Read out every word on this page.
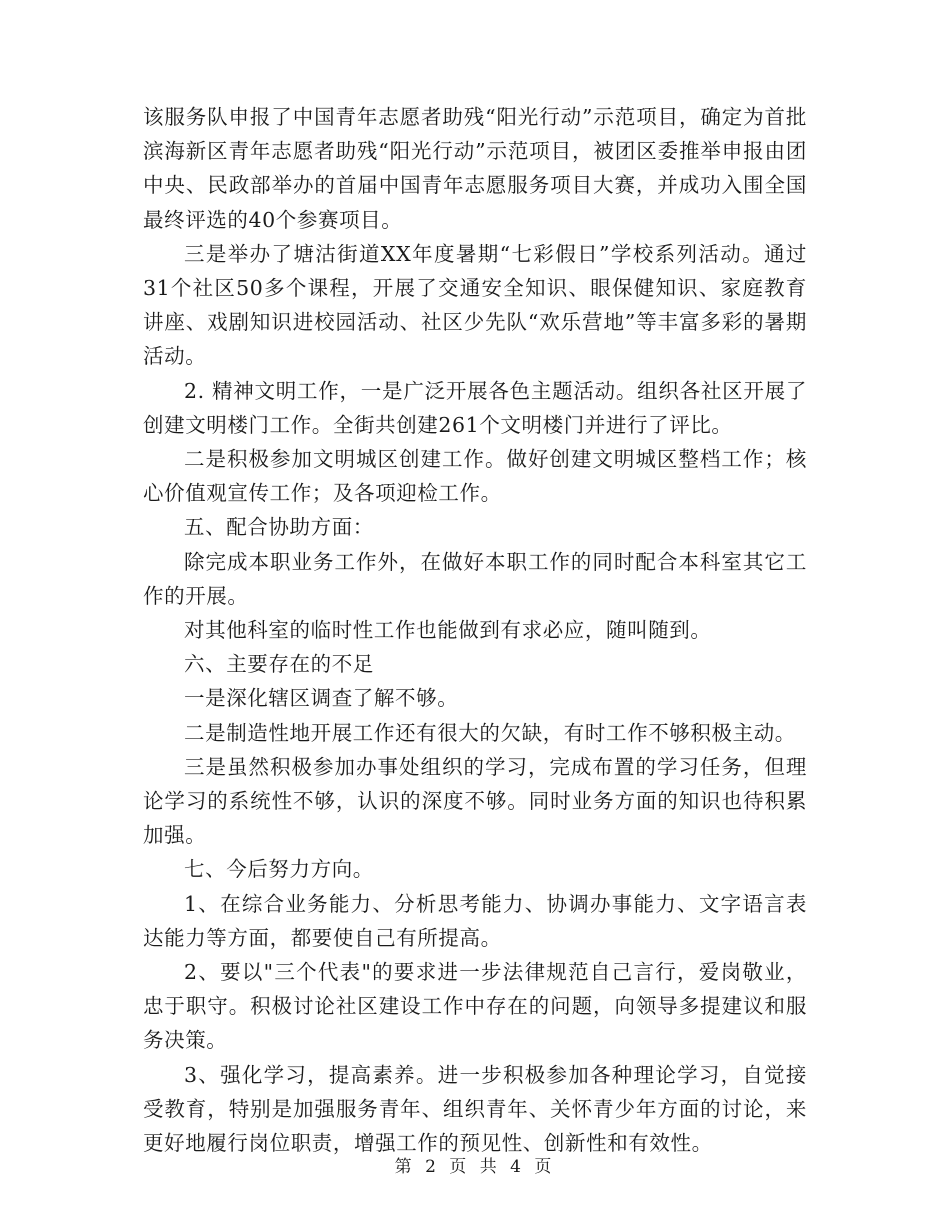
该服务队申报了中国青年志愿者助残“阳光行动”示范项目，确定为首批滨海新区青年志愿者助残“阳光行动”示范项目，被团区委推举申报由团中央、民政部举办的首届中国青年志愿服务项目大赛，并成功入围全国最终评选的40个参赛项目。

三是举办了塘沽街道XX年度暑期“七彩假日”学校系列活动。通过31个社区50多个课程，开展了交通安全知识、眼保健知识、家庭教育讲座、戏剧知识进校园活动、社区少先队“欢乐营地”等丰富多彩的暑期活动。

2. 精神文明工作，一是广泛开展各色主题活动。组织各社区开展了创建文明楼门工作。全街共创建261个文明楼门并进行了评比。

二是积极参加文明城区创建工作。做好创建文明城区整档工作；核心价值观宣传工作；及各项迎检工作。

五、配合协助方面：

除完成本职业务工作外，在做好本职工作的同时配合本科室其它工作的开展。

对其他科室的临时性工作也能做到有求必应，随叫随到。

六、主要存在的不足

一是深化辖区调查了解不够。

二是制造性地开展工作还有很大的欠缺，有时工作不够积极主动。

三是虽然积极参加办事处组织的学习，完成布置的学习任务，但理论学习的系统性不够，认识的深度不够。同时业务方面的知识也待积累加强。

七、今后努力方向。

1、在综合业务能力、分析思考能力、协调办事能力、文字语言表达能力等方面，都要使自己有所提高。

2、要以"三个代表"的要求进一步法律规范自己言行，爱岗敬业，忠于职守。积极讨论社区建设工作中存在的问题，向领导多提建议和服务决策。

3、强化学习，提高素养。进一步积极参加各种理论学习，自觉接受教育，特别是加强服务青年、组织青年、关怀青少年方面的讨论，来更好地履行岗位职责，增强工作的预见性、创新性和有效性。

第 2 页 共 4 页
